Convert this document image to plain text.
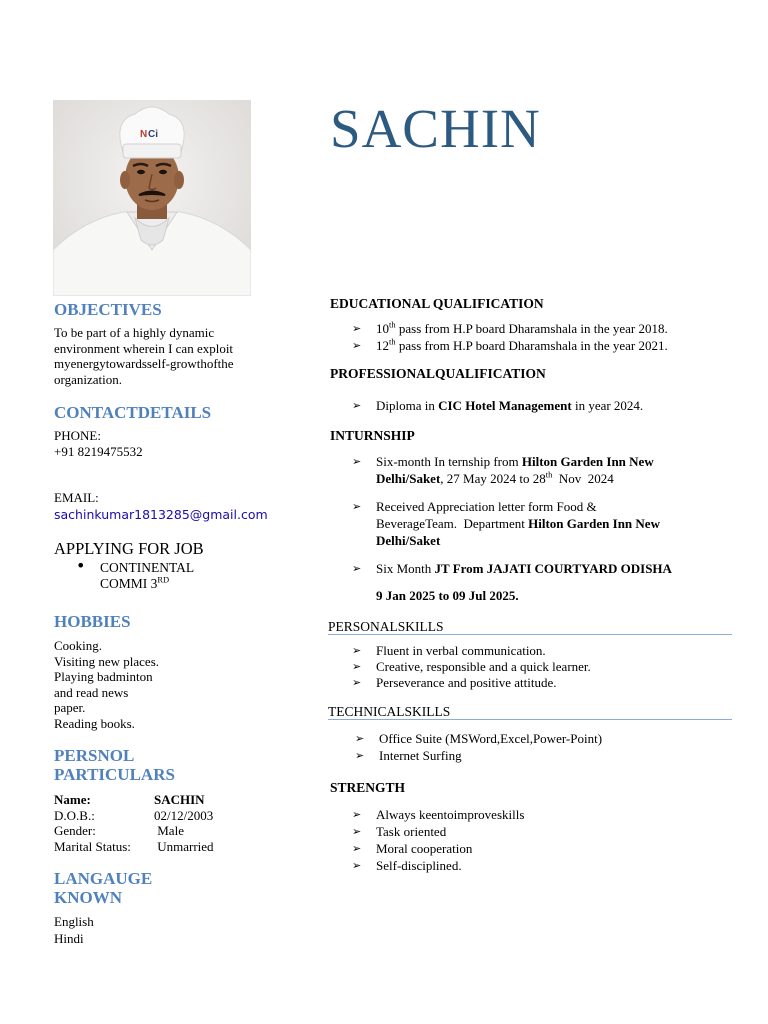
N Ci	SACHIN
OBJECTIVES

To be part of a highly dynamic

environment wherein I can exploit

myenergytowardsself-growthofthe

organization.

CONTACTDETAILS

PHONE:

+91 8219475532

EMAIL:

sachinkumar1813285@gmail.com

APPLYING FOR JOB

• CONTINENTAL
COMMI 3RD
HOBBIES

Cooking.

Visiting new places.

Playing badminton

and read news

paper.

Reading books.

PERSNOL
PARTICULARS
Name:	SACHIN
D.O.B.:	02/12/2003
Gender:	Male
Marital Status:	Unmarried
LANGAUGE
KNOWN

English

Hindi

EDUCATIONAL QUALIFICATION
➢ 10th pass from H.P board Dharamshala in the year 2018.
➢ 12th pass from H.P board Dharamshala in the year 2021.
PROFESSIONALQUALIFICATION
➢ Diploma in CIC Hotel Management in year 2024.
INTURNSHIP
➢ Six-month In ternship from Hilton Garden Inn New
Delhi/Saket, 27 May 2024 to 28th  Nov  2024
➢ Received Appreciation letter form Food &
BeverageTeam.  Department Hilton Garden Inn New
Delhi/Saket
➢ Six Month JT From JAJATI COURTYARD ODISHA
9 Jan 2025 to 09 Jul 2025.
PERSONALSKILLS
➢ Fluent in verbal communication.
➢ Creative, responsible and a quick learner.
➢ Perseverance and positive attitude.
TECHNICALSKILLS
➢ Office Suite (MSWord,Excel,Power-Point)
➢ Internet Surfing
STRENGTH
➢ Always keentoimproveskills
➢ Task oriented
➢ Moral cooperation
➢ Self-disciplined.
